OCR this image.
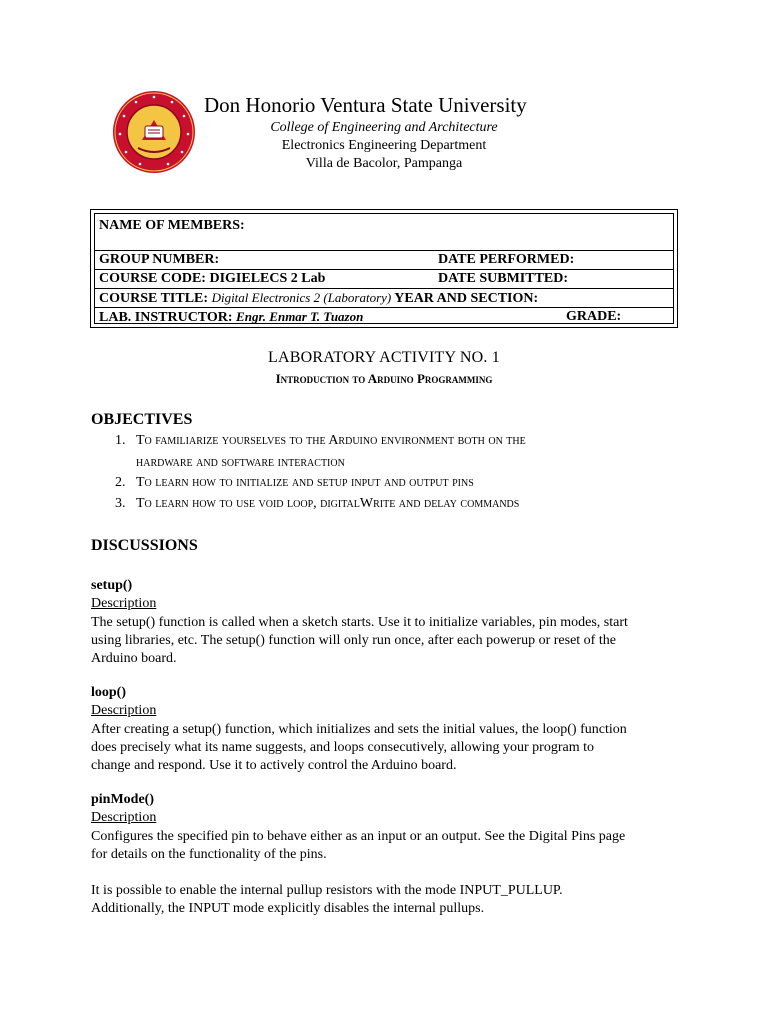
Don Honorio Ventura State University
College of Engineering and Architecture
Electronics Engineering Department
Villa de Bacolor, Pampanga
NAME OF MEMBERS:
GROUP NUMBER:	DATE PERFORMED:
COURSE CODE: DIGIELECS 2 Lab	DATE SUBMITTED:
COURSE TITLE: Digital Electronics 2 (Laboratory) YEAR AND SECTION:
LAB. INSTRUCTOR: Engr. Enmar T. Tuazon	GRADE:
LABORATORY ACTIVITY NO. 1
Introduction to Arduino Programming
OBJECTIVES
1. To familiarize yourselves to the Arduino environment both on the
hardware and software interaction
2. To learn how to initialize and setup input and output pins
3. To learn how to use void loop, digitalWrite and delay commands
DISCUSSIONS
setup()
Description
The setup() function is called when a sketch starts. Use it to initialize variables, pin modes, start
using libraries, etc. The setup() function will only run once, after each powerup or reset of the
Arduino board.
loop()
Description
After creating a setup() function, which initializes and sets the initial values, the loop() function
does precisely what its name suggests, and loops consecutively, allowing your program to
change and respond. Use it to actively control the Arduino board.
pinMode()
Description
Configures the specified pin to behave either as an input or an output. See the Digital Pins page
for details on the functionality of the pins.
It is possible to enable the internal pullup resistors with the mode INPUT_PULLUP.
Additionally, the INPUT mode explicitly disables the internal pullups.
